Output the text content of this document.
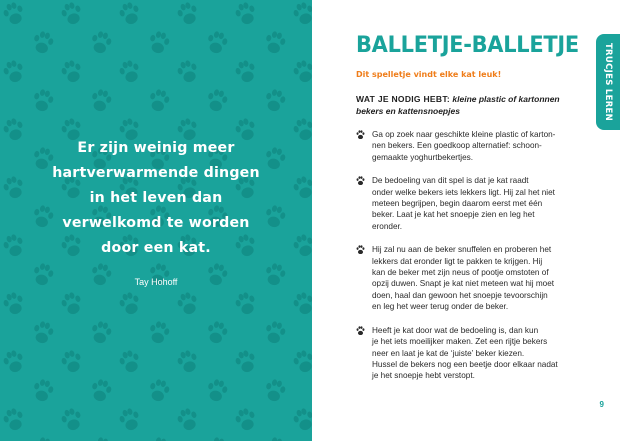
Er zijn weinig meer
hartverwarmende dingen
in het leven dan
verwelkomd te worden
door een kat.
Tay Hohoff
BALLETJE-BALLETJE
Dit spelletje vindt elke kat leuk!
WAT JE NODIG HEBT: kleine plastic of kartonnen
bekers en kattensnoepjes
Ga op zoek naar geschikte kleine plastic of karton-
nen bekers. Een goedkoop alternatief: schoon-
gemaakte yoghurtbekertjes.
De bedoeling van dit spel is dat je kat raadt
onder welke bekers iets lekkers ligt. Hij zal het niet
meteen begrijpen, begin daarom eerst met één
beker. Laat je kat het snoepje zien en leg het
eronder.
Hij zal nu aan de beker snuffelen en proberen het
lekkers dat eronder ligt te pakken te krijgen. Hij
kan de beker met zijn neus of pootje omstoten of
opzij duwen. Snapt je kat niet meteen wat hij moet
doen, haal dan gewoon het snoepje tevoorschijn
en leg het weer terug onder de beker.
Heeft je kat door wat de bedoeling is, dan kun
je het iets moeilijker maken. Zet een rijtje bekers
neer en laat je kat de ‘juiste’ beker kiezen.
Hussel de bekers nog een beetje door elkaar nadat
je het snoepje hebt verstopt.
TRUCJES LEREN
9
